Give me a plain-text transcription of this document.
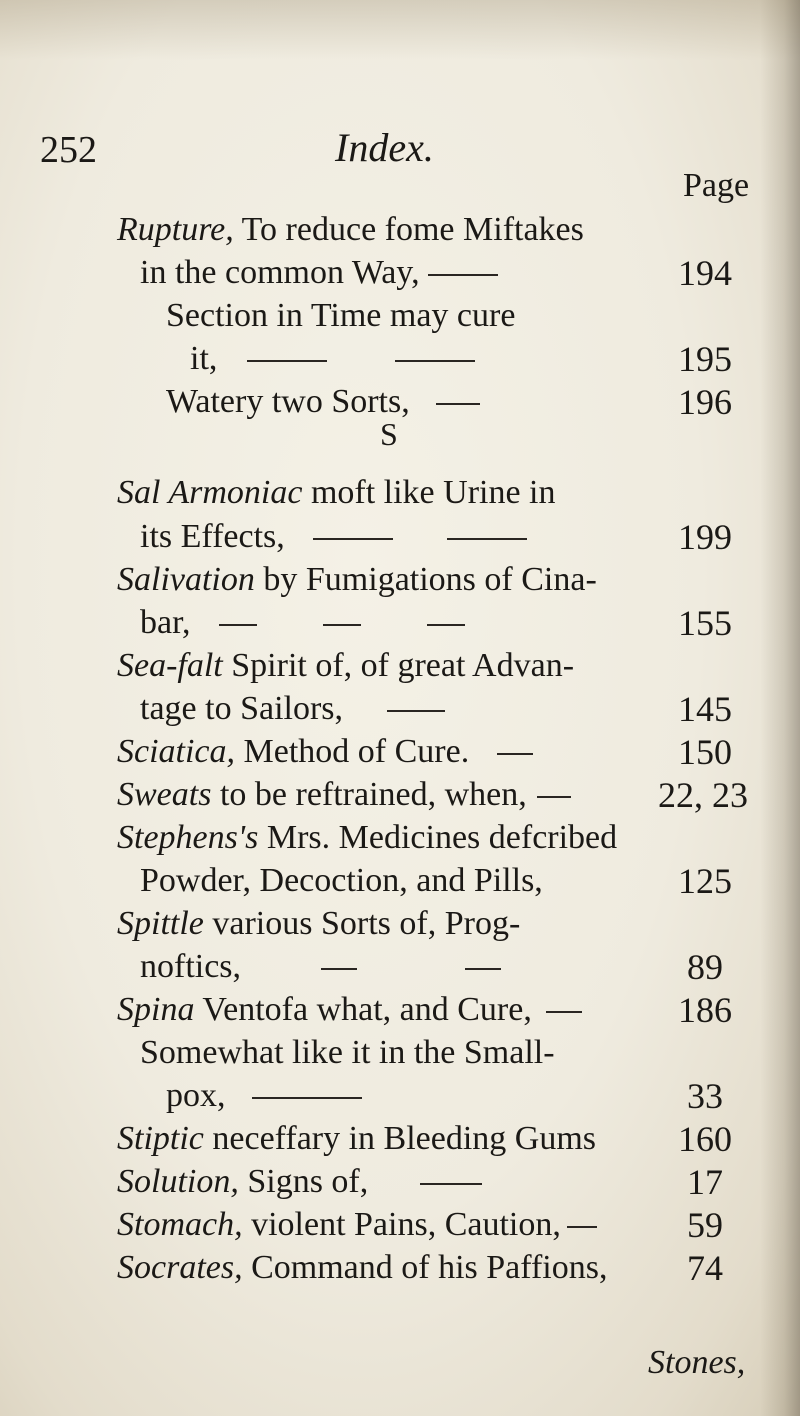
252	Index.
Page
Rupture, To reduce fome Miftakes
in the common Way,	194
Section in Time may cure
it,	195
Watery two Sorts,	196
S
Sal Armoniac moft like Urine in
its Effects,	199
Salivation by Fumigations of Cina-
bar,	155
Sea-falt Spirit of, of great Advan-
tage to Sailors,	145
Sciatica, Method of Cure.	150
Sweats to be reftrained, when,	22, 23
Stephens's Mrs. Medicines defcribed
Powder, Decoction, and Pills,	125
Spittle various Sorts of, Prog-
noftics,	89
Spina Ventofa what, and Cure,	186
Somewhat like it in the Small-
pox,	33
Stiptic neceffary in Bleeding Gums	160
Solution, Signs of,	17
Stomach, violent Pains, Caution,	59
Socrates, Command of his Paffions,	74
Stones,
